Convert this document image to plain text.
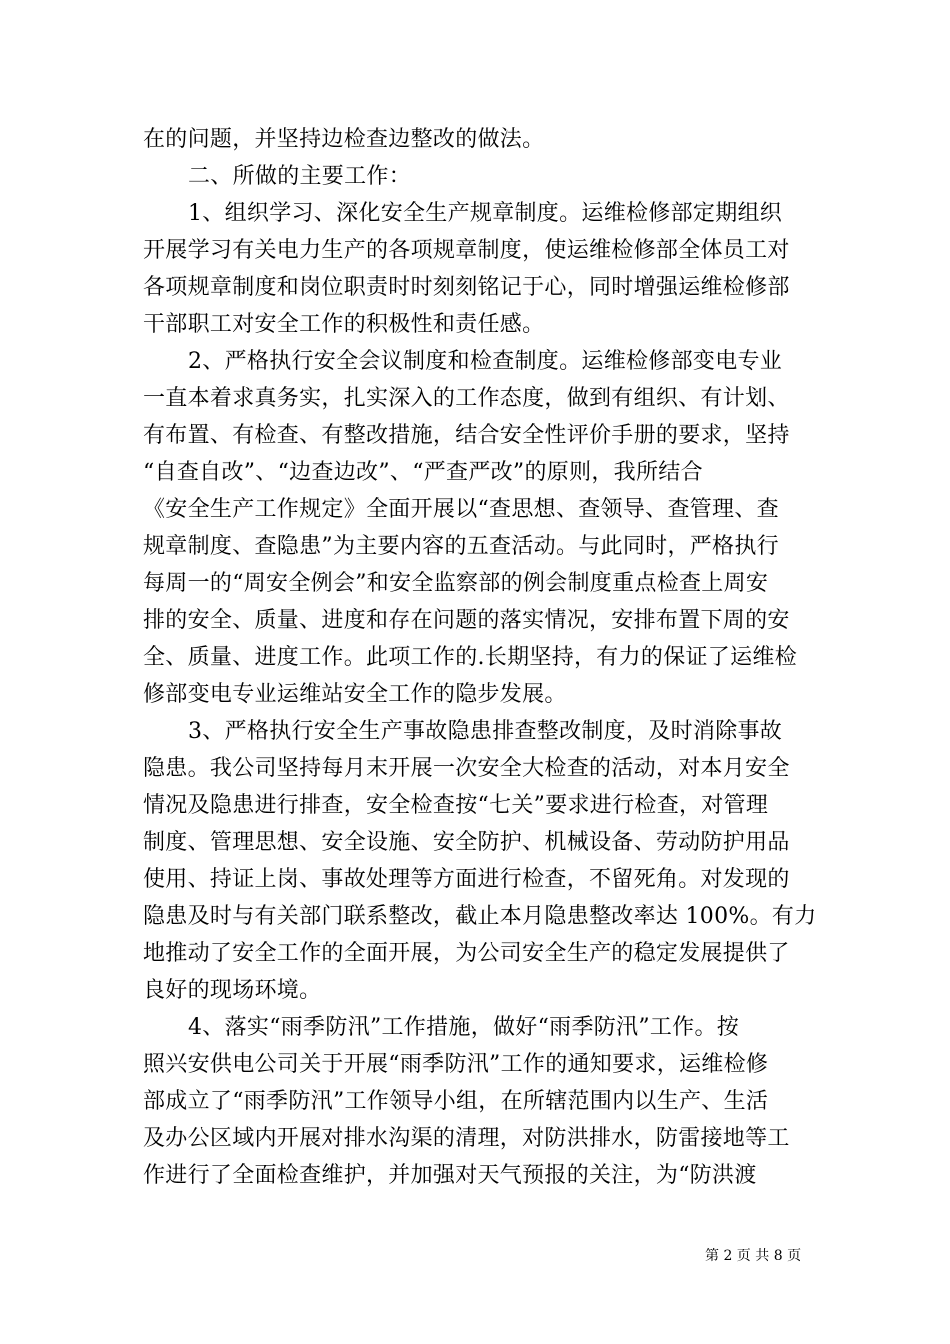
在的问题，并坚持边检查边整改的做法。
二、所做的主要工作：
1、组织学习、深化安全生产规章制度。运维检修部定期组织
开展学习有关电力生产的各项规章制度，使运维检修部全体员工对
各项规章制度和岗位职责时时刻刻铭记于心，同时增强运维检修部
干部职工对安全工作的积极性和责任感。
2、严格执行安全会议制度和检查制度。运维检修部变电专业
一直本着求真务实，扎实深入的工作态度，做到有组织、有计划、
有布置、有检查、有整改措施，结合安全性评价手册的要求，坚持
“自查自改”、“边查边改”、“严查严改”的原则，我所结合
《安全生产工作规定》全面开展以“查思想、查领导、查管理、查
规章制度、查隐患”为主要内容的五查活动。与此同时，严格执行
每周一的“周安全例会”和安全监察部的例会制度重点检查上周安
排的安全、质量、进度和存在问题的落实情况，安排布置下周的安
全、质量、进度工作。此项工作的.长期坚持，有力的保证了运维检
修部变电专业运维站安全工作的隐步发展。
3、严格执行安全生产事故隐患排查整改制度，及时消除事故
隐患。我公司坚持每月末开展一次安全大检查的活动，对本月安全
情况及隐患进行排查，安全检查按“七关”要求进行检查，对管理
制度、管理思想、安全设施、安全防护、机械设备、劳动防护用品
使用、持证上岗、事故处理等方面进行检查，不留死角。对发现的
隐患及时与有关部门联系整改，截止本月隐患整改率达 100%。有力
地推动了安全工作的全面开展，为公司安全生产的稳定发展提供了
良好的现场环境。
4、落实“雨季防汛”工作措施，做好“雨季防汛”工作。按
照兴安供电公司关于开展“雨季防汛”工作的通知要求，运维检修
部成立了“雨季防汛”工作领导小组，在所辖范围内以生产、生活
及办公区域内开展对排水沟渠的清理，对防洪排水，防雷接地等工
作进行了全面检查维护，并加强对天气预报的关注，为“防洪渡
第 2 页 共 8 页
